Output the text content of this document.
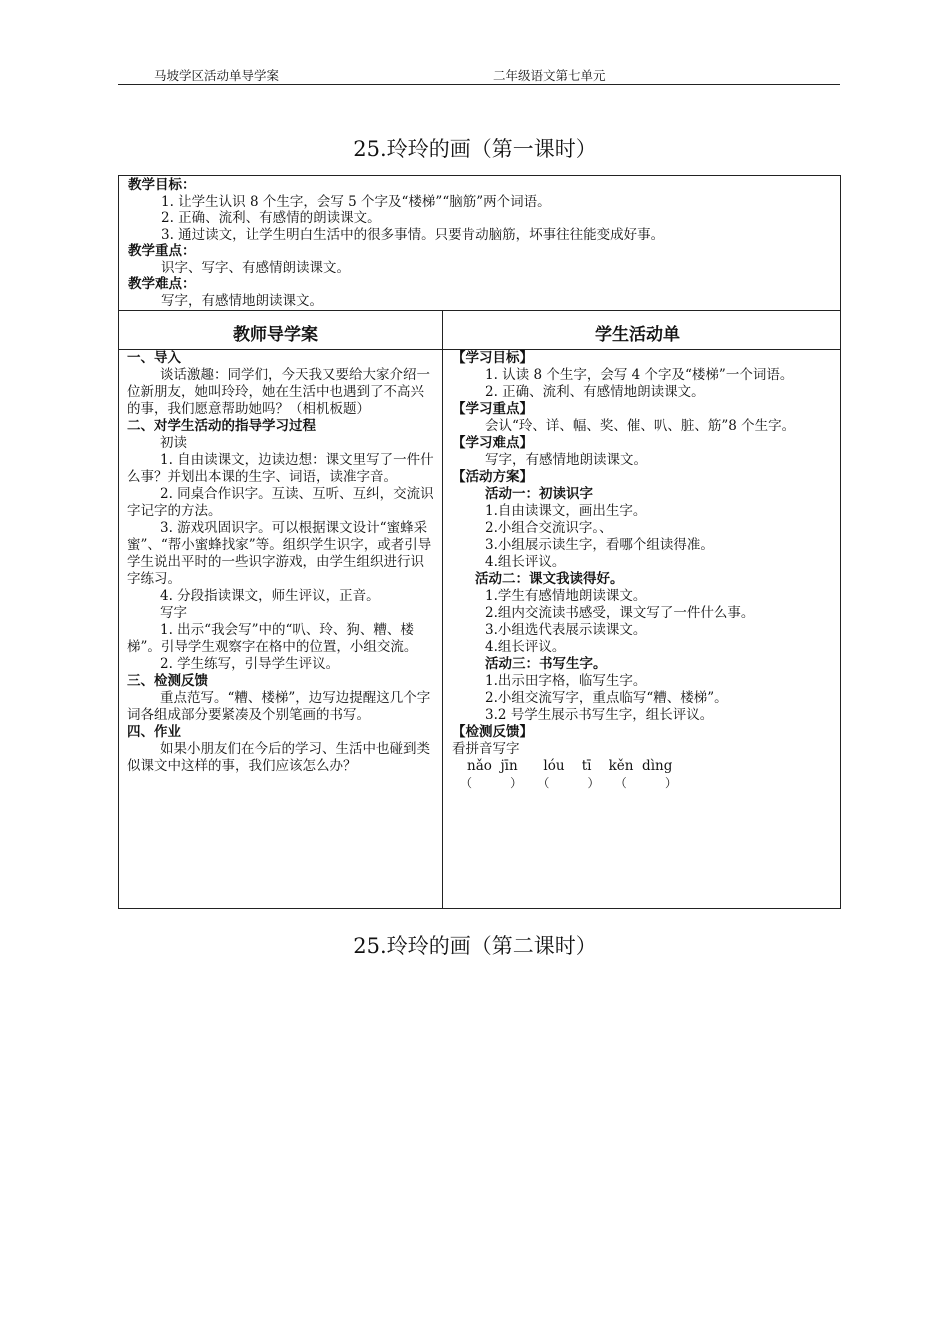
马坡学区活动单导学案	二年级语文第七单元
25.玲玲的画（第一课时）
教学目标：
1. 让学生认识 8 个生字，会写 5 个字及“楼梯”“脑筋”两个词语。
2. 正确、流利、有感情的朗读课文。
3. 通过读文，让学生明白生活中的很多事情。只要肯动脑筋，坏事往往能变成好事。
教学重点：
识字、写字、有感情朗读课文。
教学难点：
写字，有感情地朗读课文。
教师导学案	学生活动单
一、导入
谈话激趣：同学们，今天我又要给大家介绍一位新朋友，她叫玲玲，她在生活中也遇到了不高兴的事，我们愿意帮助她吗？（相机板题）
二、对学生活动的指导学习过程
初读
1. 自由读课文，边读边想：课文里写了一件什么事？并划出本课的生字、词语，读准字音。
2. 同桌合作识字。互读、互听、互纠，交流识字记字的方法。
3. 游戏巩固识字。可以根据课文设计“蜜蜂采蜜”、“帮小蜜蜂找家”等。组织学生识字，或者引导学生说出平时的一些识字游戏，由学生组织进行识字练习。
4. 分段指读课文，师生评议，正音。
写字
1. 出示“我会写”中的“叭、玲、狗、糟、楼梯”。引导学生观察字在格中的位置，小组交流。
2. 学生练写，引导学生评议。
三、检测反馈
重点范写。“糟、楼梯”，边写边提醒这几个字词各组成部分要紧凑及个别笔画的书写。
四、作业
如果小朋友们在今后的学习、生活中也碰到类似课文中这样的事，我们应该怎么办？
【学习目标】
1. 认读 8 个生字，会写 4 个字及“楼梯”一个词语。
2. 正确、流利、有感情地朗读课文。
【学习重点】
会认“玲、详、幅、奖、催、叭、脏、筋”8 个生字。
【学习难点】
写字，有感情地朗读课文。
【活动方案】
活动一：初读识字
1.自由读课文，画出生字。
2.小组合交流识字。、
3.小组展示读生字，看哪个组读得准。
4.组长评议。
活动二：课文我读得好。
1.学生有感情地朗读课文。
2.组内交流读书感受，课文写了一件什么事。
3.小组选代表展示读课文。
4.组长评议。
活动三：书写生字。
1.出示田字格，临写生字。
2.小组交流写字，重点临写“糟、楼梯”。
3.2 号学生展示书写生字，组长评议。
【检测反馈】
看拼音写字
nǎo  jīn      lóu    tī    kěn  dìng
（          ）    （          ）    （          ）
25.玲玲的画（第二课时）
